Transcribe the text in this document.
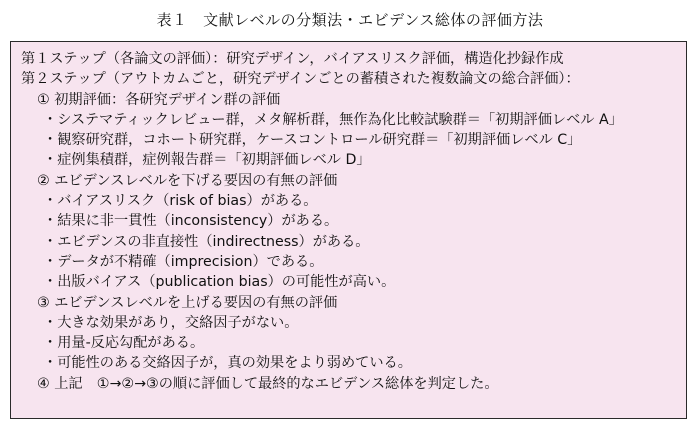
表１　文献レベルの分類法・エビデンス総体の評価方法
第１ステップ（各論文の評価）：研究デザイン，バイアスリスク評価，構造化抄録作成
第２ステップ（アウトカムごと，研究デザインごとの蓄積された複数論文の総合評価）：
① 初期評価：各研究デザイン群の評価
・システマティックレビュー群，メタ解析群，無作為化比較試験群＝「初期評価レベル A」
・観察研究群，コホート研究群，ケースコントロール研究群＝「初期評価レベル C」
・症例集積群，症例報告群＝「初期評価レベル D」
② エビデンスレベルを下げる要因の有無の評価
・バイアスリスク（risk of bias）がある。
・結果に非一貫性（inconsistency）がある。
・エビデンスの非直接性（indirectness）がある。
・データが不精確（imprecision）である。
・出版バイアス（publication bias）の可能性が高い。
③ エビデンスレベルを上げる要因の有無の評価
・大きな効果があり，交絡因子がない。
・用量-反応勾配がある。
・可能性のある交絡因子が，真の効果をより弱めている。
④ 上記　①→②→③の順に評価して最終的なエビデンス総体を判定した。
